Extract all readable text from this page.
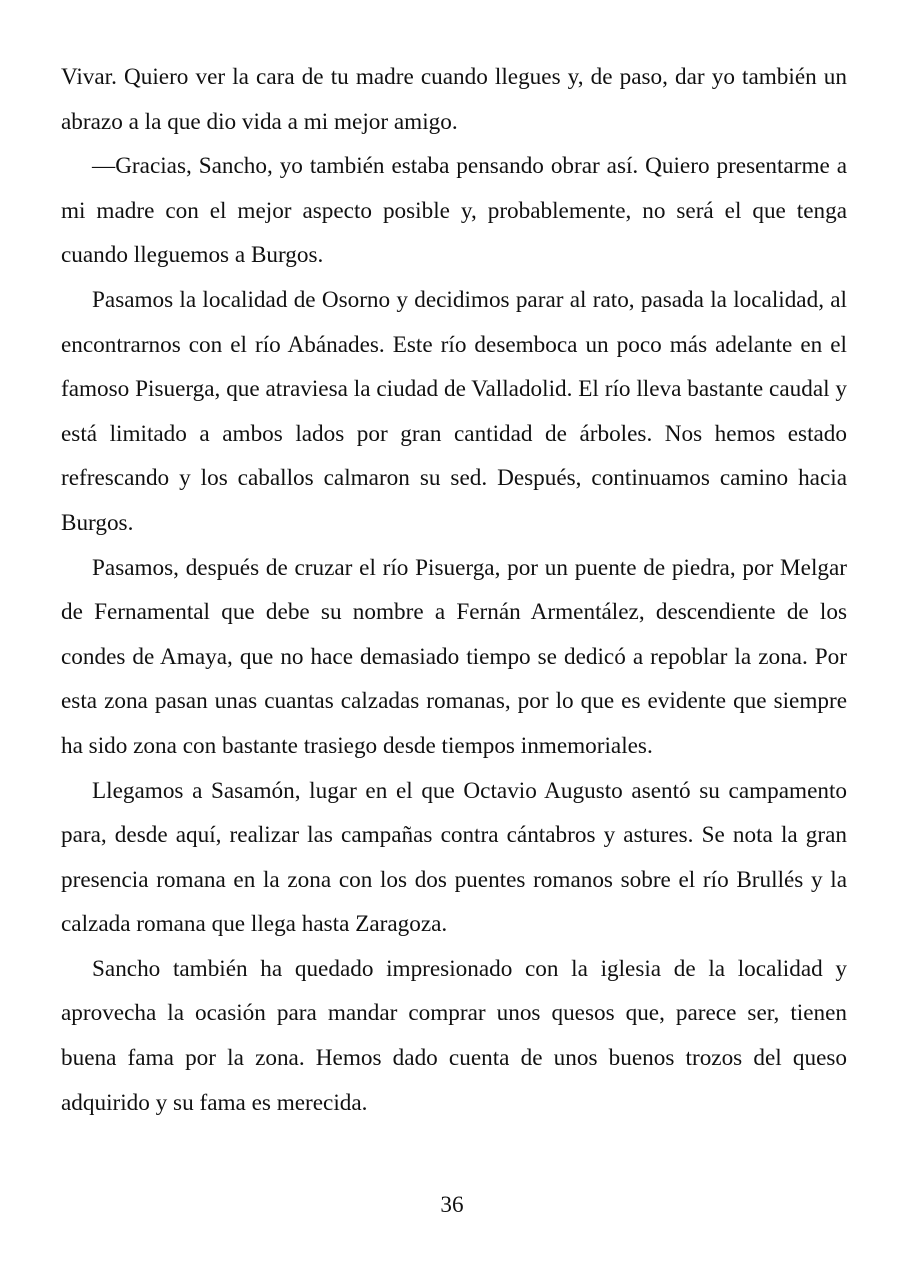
Vivar. Quiero ver la cara de tu madre cuando llegues y, de paso, dar yo también un abrazo a la que dio vida a mi mejor amigo.

—Gracias, Sancho, yo también estaba pensando obrar así. Quiero presentarme a mi madre con el mejor aspecto posible y, probablemente, no será el que tenga cuando lleguemos a Burgos.

Pasamos la localidad de Osorno y decidimos parar al rato, pasada la localidad, al encontrarnos con el río Abánades. Este río desemboca un poco más adelante en el famoso Pisuerga, que atraviesa la ciudad de Valladolid. El río lleva bastante caudal y está limitado a ambos lados por gran cantidad de árboles. Nos hemos estado refrescando y los caballos calmaron su sed. Después, continuamos camino hacia Burgos.

Pasamos, después de cruzar el río Pisuerga, por un puente de piedra, por Melgar de Fernamental que debe su nombre a Fernán Armentález, descendiente de los condes de Amaya, que no hace demasiado tiempo se dedicó a repoblar la zona. Por esta zona pasan unas cuantas calzadas romanas, por lo que es evidente que siempre ha sido zona con bastante trasiego desde tiempos inmemoriales.

Llegamos a Sasamón, lugar en el que Octavio Augusto asentó su campamento para, desde aquí, realizar las campañas contra cántabros y astures. Se nota la gran presencia romana en la zona con los dos puentes romanos sobre el río Brullés y la calzada romana que llega hasta Zaragoza.

Sancho también ha quedado impresionado con la iglesia de la localidad y aprovecha la ocasión para mandar comprar unos quesos que, parece ser, tienen buena fama por la zona. Hemos dado cuenta de unos buenos trozos del queso adquirido y su fama es merecida.

36
